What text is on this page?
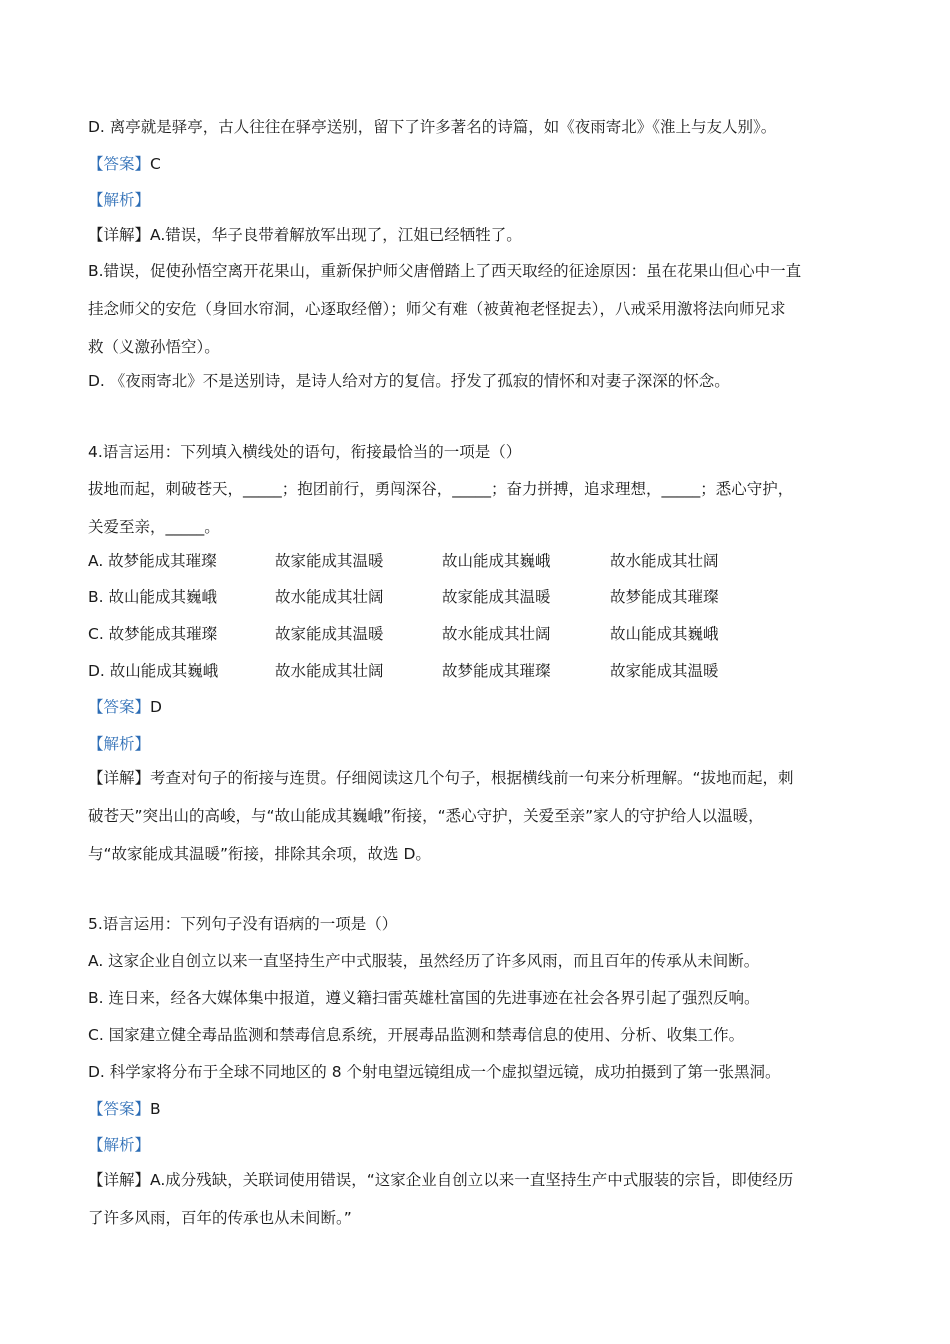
D. 离亭就是驿亭，古人往往在驿亭送别，留下了许多著名的诗篇，如《夜雨寄北》《淮上与友人别》。
【答案】C
【解析】
【详解】A.错误，华子良带着解放军出现了，江姐已经牺牲了。
B.错误，促使孙悟空离开花果山，重新保护师父唐僧踏上了西天取经的征途原因：虽在花果山但心中一直
挂念师父的安危（身回水帘洞，心逐取经僧）；师父有难（被黄袍老怪捉去），八戒采用激将法向师兄求
救（义激孙悟空）。
D. 《夜雨寄北》不是送别诗，是诗人给对方的复信。抒发了孤寂的情怀和对妻子深深的怀念。
4.语言运用：下列填入横线处的语句，衔接最恰当的一项是（）
拔地而起，刺破苍天，_____；抱团前行，勇闯深谷，_____；奋力拼搏，追求理想，_____；悉心守护，
关爱至亲，_____。
A. 故梦能成其璀璨	故家能成其温暖	故山能成其巍峨	故水能成其壮阔
B. 故山能成其巍峨	故水能成其壮阔	故家能成其温暖	故梦能成其璀璨
C. 故梦能成其璀璨	故家能成其温暖	故水能成其壮阔	故山能成其巍峨
D. 故山能成其巍峨	故水能成其壮阔	故梦能成其璀璨	故家能成其温暖
【答案】D
【解析】
【详解】考查对句子的衔接与连贯。仔细阅读这几个句子，根据横线前一句来分析理解。“拔地而起，刺
破苍天”突出山的高峻，与“故山能成其巍峨”衔接，“悉心守护，关爱至亲”家人的守护给人以温暖，
与“故家能成其温暖”衔接，排除其余项，故选 D。
5.语言运用：下列句子没有语病的一项是（）
A. 这家企业自创立以来一直坚持生产中式服装，虽然经历了许多风雨，而且百年的传承从未间断。
B. 连日来，经各大媒体集中报道，遵义籍扫雷英雄杜富国的先进事迹在社会各界引起了强烈反响。
C. 国家建立健全毒品监测和禁毒信息系统，开展毒品监测和禁毒信息的使用、分析、收集工作。
D. 科学家将分布于全球不同地区的 8 个射电望远镜组成一个虚拟望远镜，成功拍摄到了第一张黑洞。
【答案】B
【解析】
【详解】A.成分残缺，关联词使用错误，“这家企业自创立以来一直坚持生产中式服装的宗旨，即使经历
了许多风雨，百年的传承也从未间断。”
